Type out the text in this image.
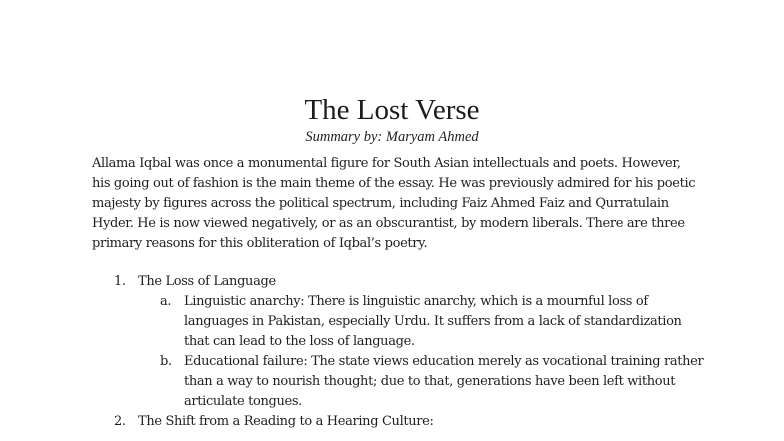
The Lost Verse
Summary by: Maryam Ahmed
Allama Iqbal was once a monumental figure for South Asian intellectuals and poets. However,
his going out of fashion is the main theme of the essay. He was previously admired for his poetic
majesty by figures across the political spectrum, including Faiz Ahmed Faiz and Qurratulain
Hyder. He is now viewed negatively, or as an obscurantist, by modern liberals. There are three
primary reasons for this obliteration of Iqbal’s poetry.
1. The Loss of Language
a. Linguistic anarchy: There is linguistic anarchy, which is a mournful loss of
languages in Pakistan, especially Urdu. It suffers from a lack of standardization
that can lead to the loss of language.
b. Educational failure: The state views education merely as vocational training rather
than a way to nourish thought; due to that, generations have been left without
articulate tongues.
2. The Shift from a Reading to a Hearing Culture:
